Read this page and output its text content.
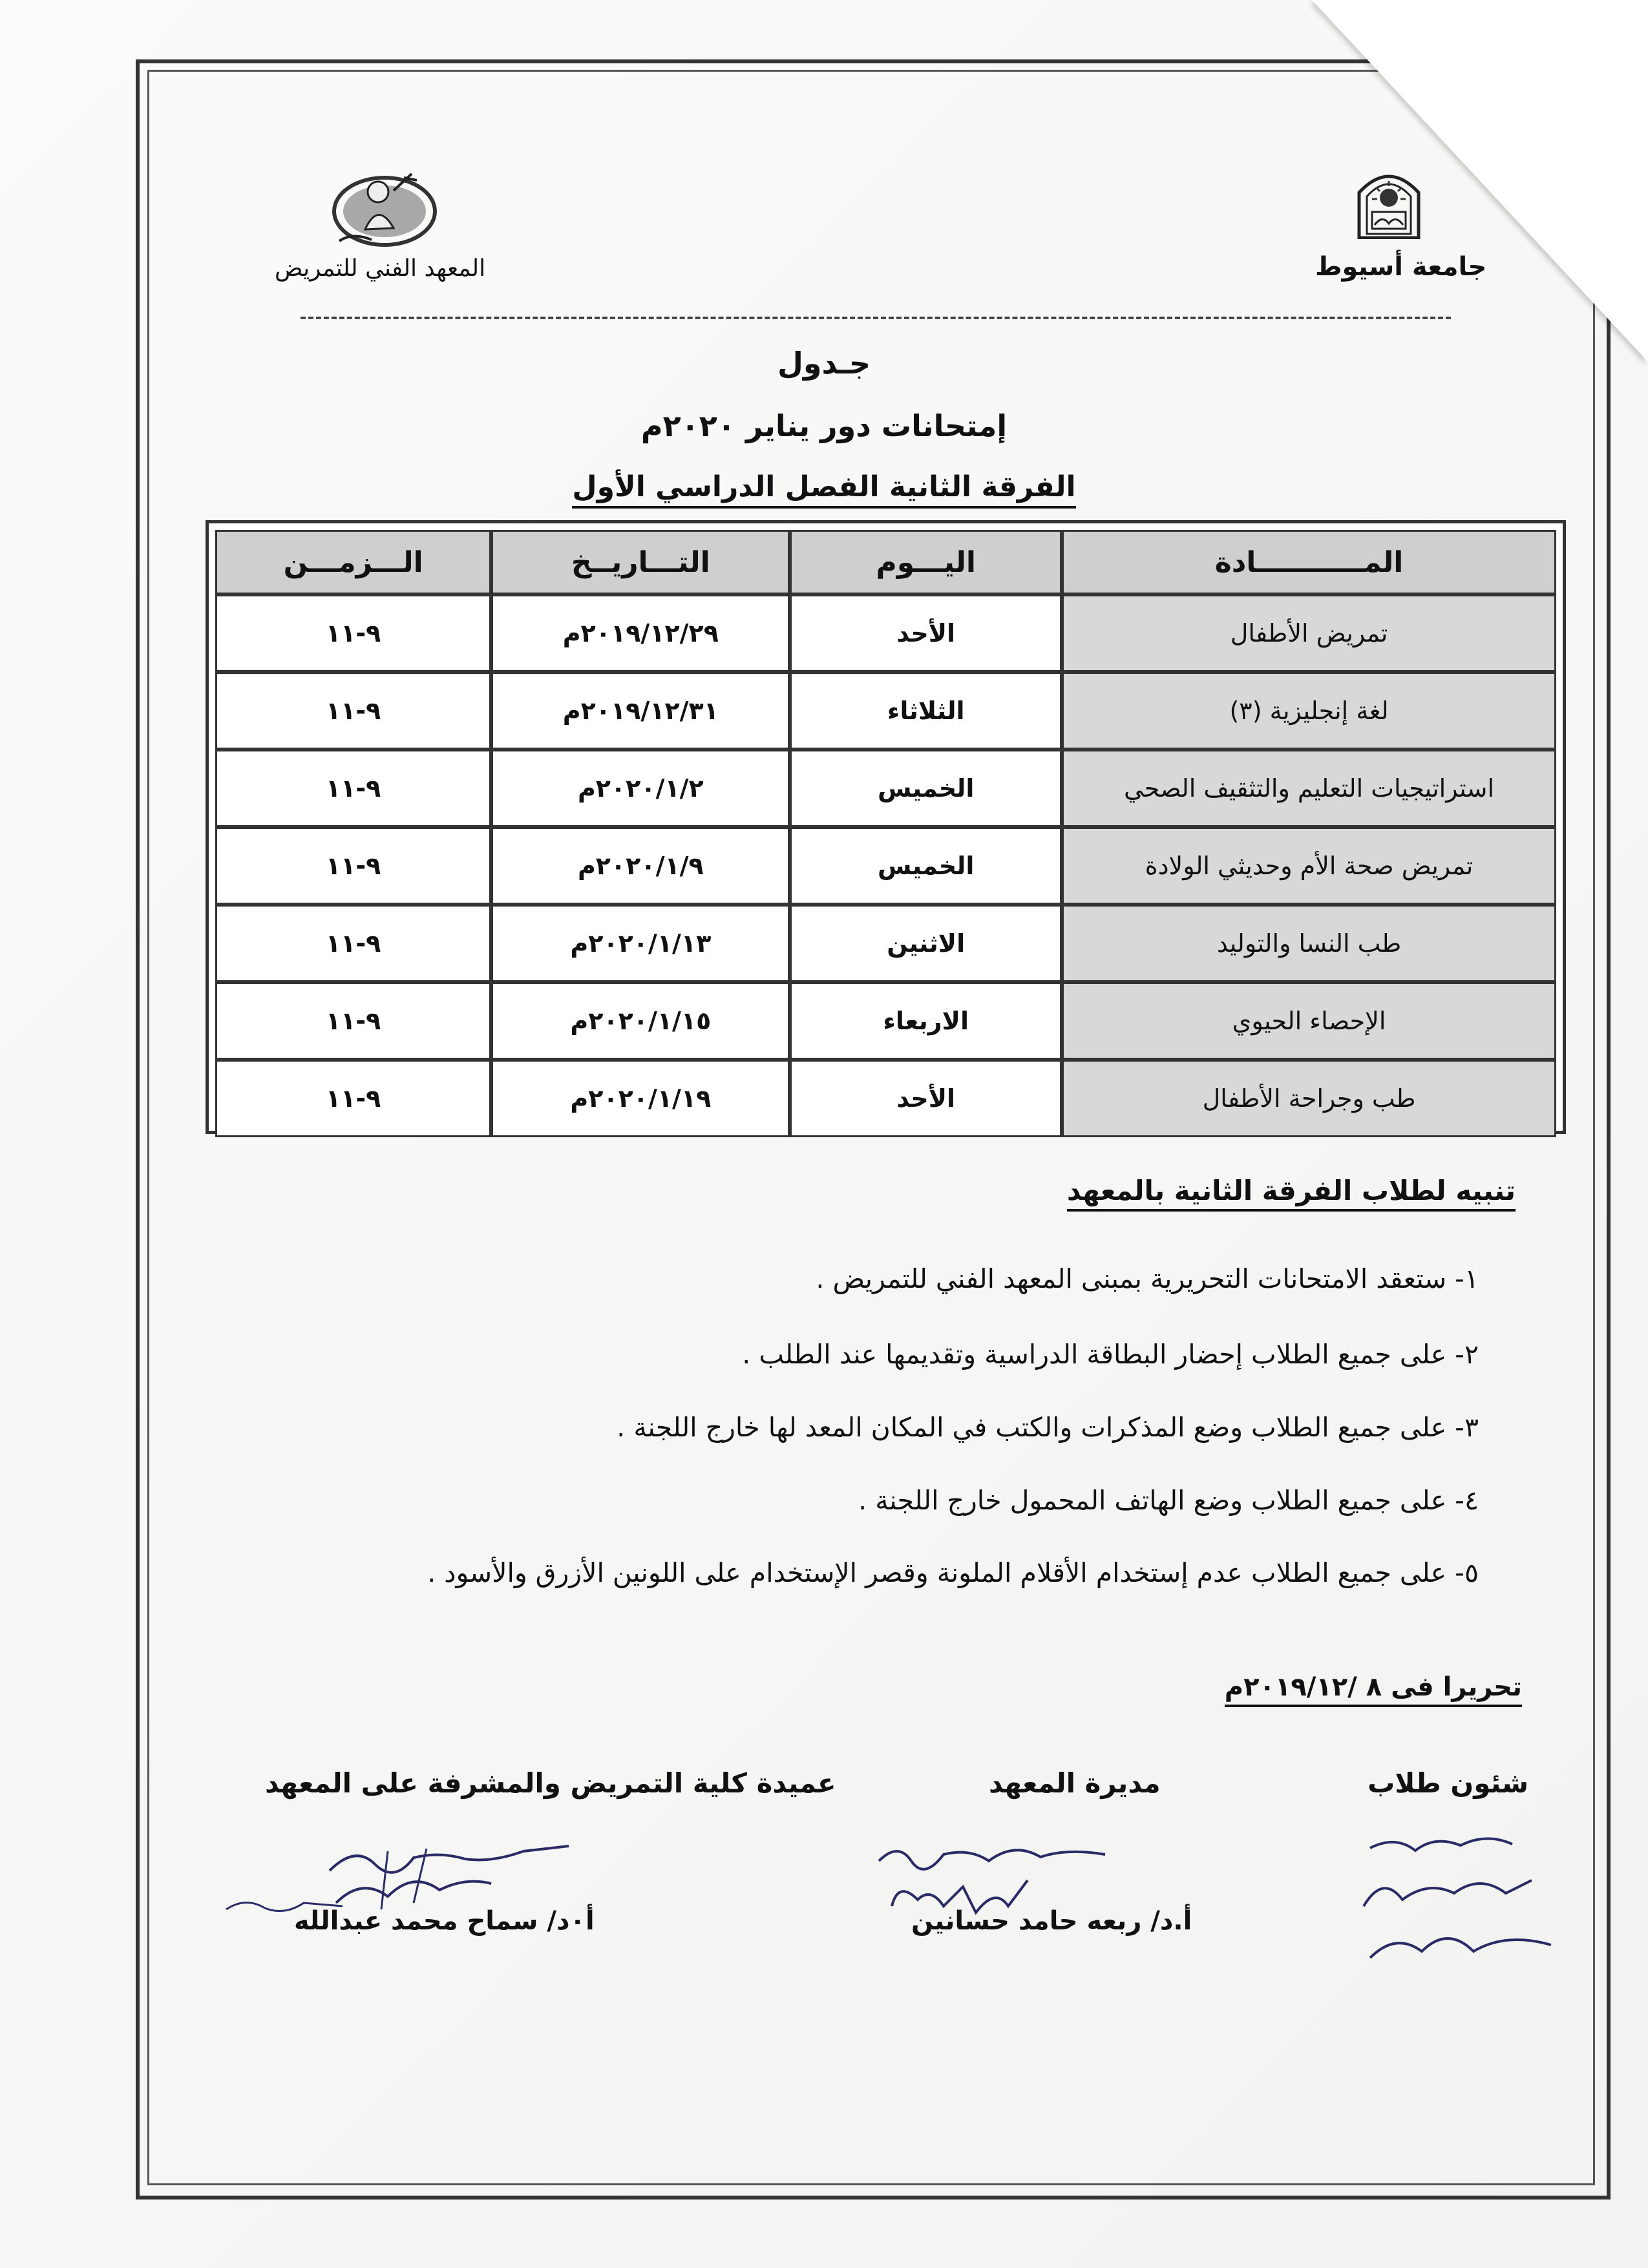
جامعة أسيوط
المعهد الفني للتمريض
جـدول
إمتحانات دور يناير ٢٠٢٠م
الفرقة الثانية الفصل الدراسي الأول
المـــــــــــادة	اليـــوم	التـــاريــخ	الـــزمـــن
تمريض الأطفال	الأحد	٢٠١٩/١٢/٢٩م	٩-١١
لغة إنجليزية (٣)	الثلاثاء	٢٠١٩/١٢/٣١م	٩-١١
استراتيجيات التعليم والتثقيف الصحي	الخميس	٢٠٢٠/١/٢م	٩-١١
تمريض صحة الأم وحديثي الولادة	الخميس	٢٠٢٠/١/٩م	٩-١١
طب النسا والتوليد	الاثنين	٢٠٢٠/١/١٣م	٩-١١
الإحصاء الحيوي	الاربعاء	٢٠٢٠/١/١٥م	٩-١١
طب وجراحة الأطفال	الأحد	٢٠٢٠/١/١٩م	٩-١١
تنبيه لطلاب الفرقة الثانية بالمعهد
١- ستعقد الامتحانات التحريرية بمبنى المعهد الفني للتمريض .
٢- على جميع الطلاب إحضار البطاقة الدراسية وتقديمها عند الطلب .
٣- على جميع الطلاب وضع المذكرات والكتب في المكان المعد لها خارج اللجنة .
٤- على جميع الطلاب وضع الهاتف المحمول خارج اللجنة .
٥- على جميع الطلاب عدم إستخدام الأقلام الملونة وقصر الإستخدام على اللونين الأزرق والأسود .
تحريرا فى ٨ /٢٠١٩/١٢م
شئون طلاب
مديرة المعهد
عميدة كلية التمريض والمشرفة على المعهد
أ.د/ ربعه حامد حسانين
أ٠د/ سماح محمد عبدالله
